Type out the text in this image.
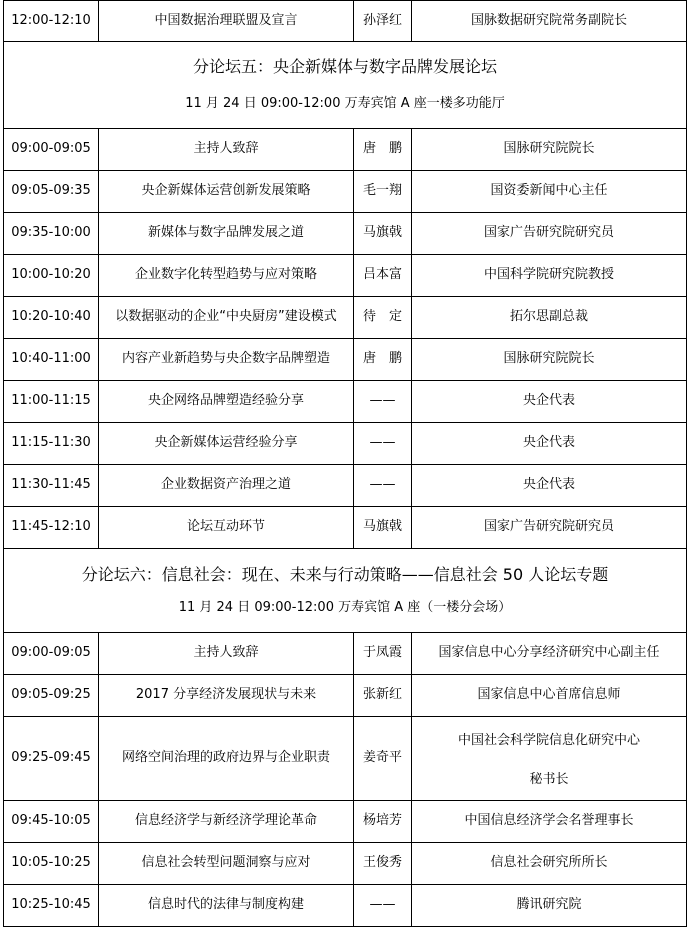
12:00-12:10	中国数据治理联盟及宣言	孙泽红	国脉数据研究院常务副院长

分论坛五：央企新媒体与数字品牌发展论坛
11 月 24 日 09:00-12:00 万寿宾馆 A 座一楼多功能厅			

09:00-09:05	主持人致辞	唐　鹏	国脉研究院院长
09:05-09:35	央企新媒体运营创新发展策略	毛一翔	国资委新闻中心主任
09:35-10:00	新媒体与数字品牌发展之道	马旗戟	国家广告研究院研究员
10:00-10:20	企业数字化转型趋势与应对策略	吕本富	中国科学院研究院教授
10:20-10:40	以数据驱动的企业“中央厨房”建设模式	待　定	拓尔思副总裁
10:40-11:00	内容产业新趋势与央企数字品牌塑造	唐　鹏	国脉研究院院长
11:00-11:15	央企网络品牌塑造经验分享	——	央企代表
11:15-11:30	央企新媒体运营经验分享	——	央企代表
11:30-11:45	企业数据资产治理之道	——	央企代表
11:45-12:10	论坛互动环节	马旗戟	国家广告研究院研究员

分论坛六：信息社会：现在、未来与行动策略——信息社会 50 人论坛专题
11 月 24 日 09:00-12:00 万寿宾馆 A 座（一楼分会场）			

09:00-09:05	主持人致辞	于凤霞	国家信息中心分享经济研究中心副主任
09:05-09:25	2017 分享经济发展现状与未来	张新红	国家信息中心首席信息师
09:25-09:45	网络空间治理的政府边界与企业职责	姜奇平	中国社会科学院信息化研究中心
秘书长

09:45-10:05	信息经济学与新经济学理论革命	杨培芳	中国信息经济学会名誉理事长
10:05-10:25	信息社会转型问题洞察与应对	王俊秀	信息社会研究所所长
10:25-10:45	信息时代的法律与制度构建	——	腾讯研究院
